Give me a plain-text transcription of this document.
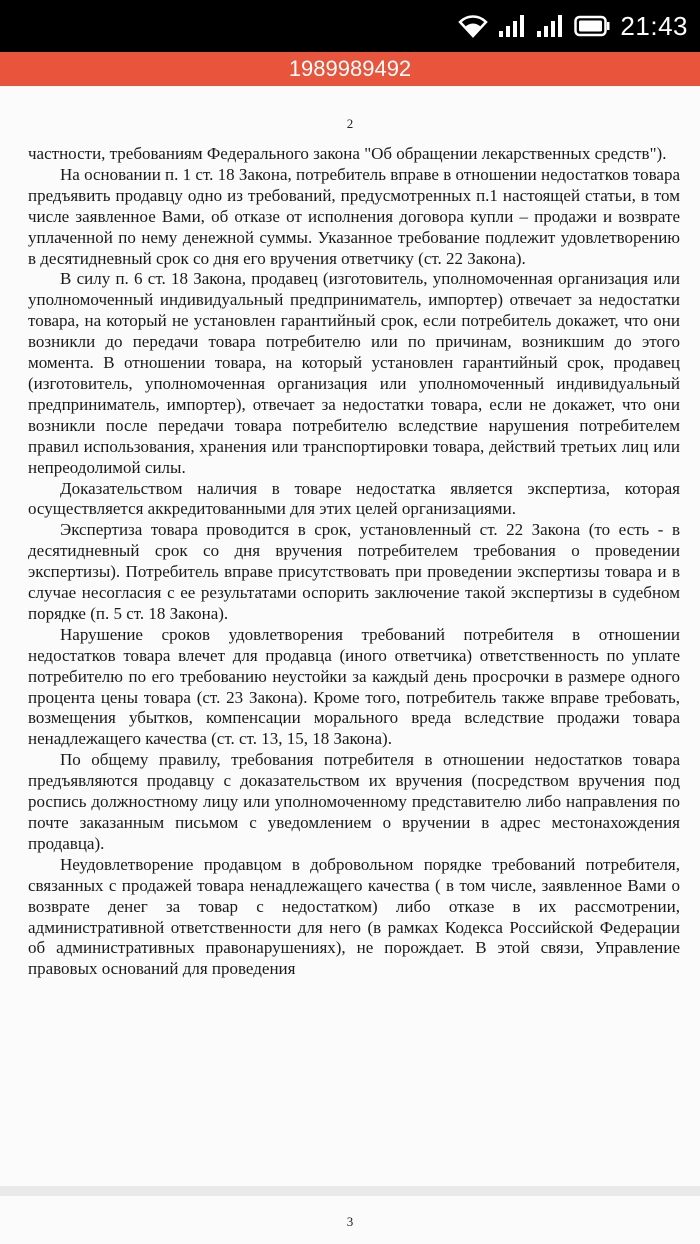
21:43
1989989492
2

частности, требованиям Федерального закона "Об обращении лекарственных средств").

На основании п. 1 ст. 18 Закона, потребитель вправе в отношении недостатков товара предъявить продавцу одно из требований, предусмотренных п.1 настоящей статьи, в том числе заявленное Вами, об отказе от исполнения договора купли – продажи и возврате уплаченной по нему денежной суммы. Указанное требование подлежит удовлетворению в десятидневный срок со дня его вручения ответчику (ст. 22 Закона).

В силу п. 6 ст. 18 Закона, продавец (изготовитель, уполномоченная организация или уполномоченный индивидуальный предприниматель, импортер) отвечает за недостатки товара, на который не установлен гарантийный срок, если потребитель докажет, что они возникли до передачи товара потребителю или по причинам, возникшим до этого момента. В отношении товара, на который установлен гарантийный срок, продавец (изготовитель, уполномоченная организация или уполномоченный индивидуальный предприниматель, импортер), отвечает за недостатки товара, если не докажет, что они возникли после передачи товара потребителю вследствие нарушения потребителем правил использования, хранения или транспортировки товара, действий третьих лиц или непреодолимой силы.

Доказательством наличия в товаре недостатка является экспертиза, которая осуществляется аккредитованными для этих целей организациями.

Экспертиза товара проводится в срок, установленный ст. 22 Закона (то есть - в десятидневный срок со дня вручения потребителем требования о проведении экспертизы). Потребитель вправе присутствовать при проведении экспертизы товара и в случае несогласия с ее результатами оспорить заключение такой экспертизы в судебном порядке (п. 5 ст. 18 Закона).

Нарушение сроков удовлетворения требований потребителя в отношении недостатков товара влечет для продавца (иного ответчика) ответственность по уплате потребителю по его требованию неустойки за каждый день просрочки в размере одного процента цены товара (ст. 23 Закона). Кроме того, потребитель также вправе требовать, возмещения убытков, компенсации морального вреда вследствие продажи товара ненадлежащего качества (ст. ст. 13, 15, 18 Закона).

По общему правилу, требования потребителя в отношении недостатков товара предъявляются продавцу с доказательством их вручения (посредством вручения под роспись должностному лицу или уполномоченному представителю либо направления по почте заказанным письмом с уведомлением о вручении в адрес местонахождения продавца).

Неудовлетворение продавцом в добровольном порядке требований потребителя, связанных с продажей товара ненадлежащего качества ( в том числе, заявленное Вами о возврате денег за товар с недостатком) либо отказе в их рассмотрении, административной ответственности для него (в рамках Кодекса Российской Федерации об административных правонарушениях), не порождает. В этой связи, Управление правовых оснований для проведения

3
